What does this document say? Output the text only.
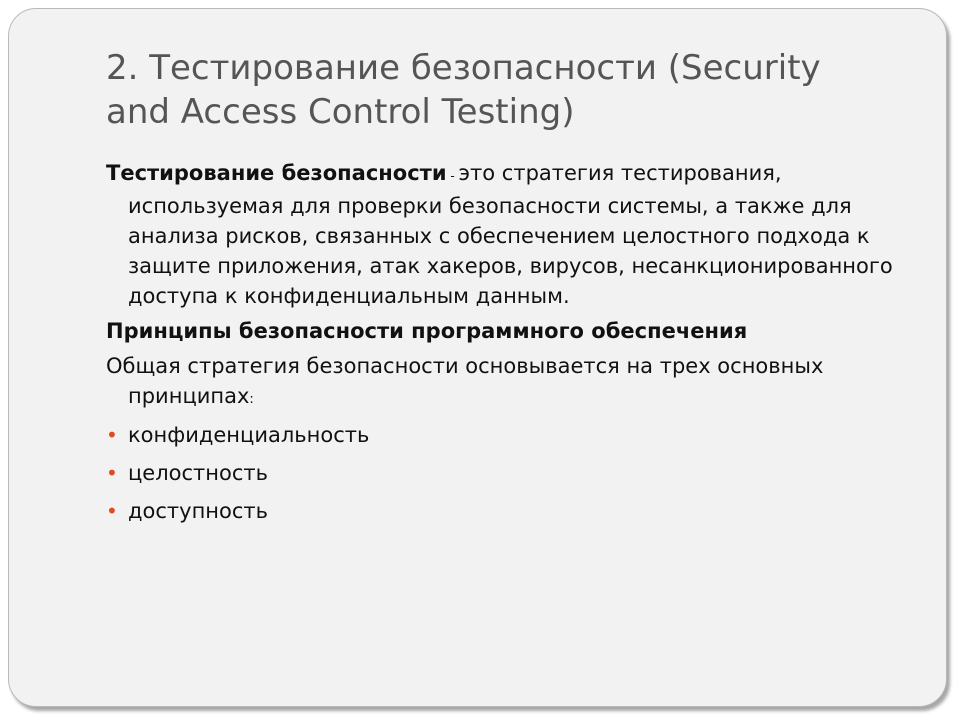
2. Тестирование безопасности (Security and Access Control Testing)

Тестирование безопасности - это стратегия тестирования, используемая для проверки безопасности системы, а также для анализа рисков, связанных с обеспечением целостного подхода к защите приложения, атак хакеров, вирусов, несанкционированного доступа к конфиденциальным данным.

Принципы безопасности программного обеспечения

Общая стратегия безопасности основывается на трех основных принципах:

• конфиденциальность
• целостность
• доступность
